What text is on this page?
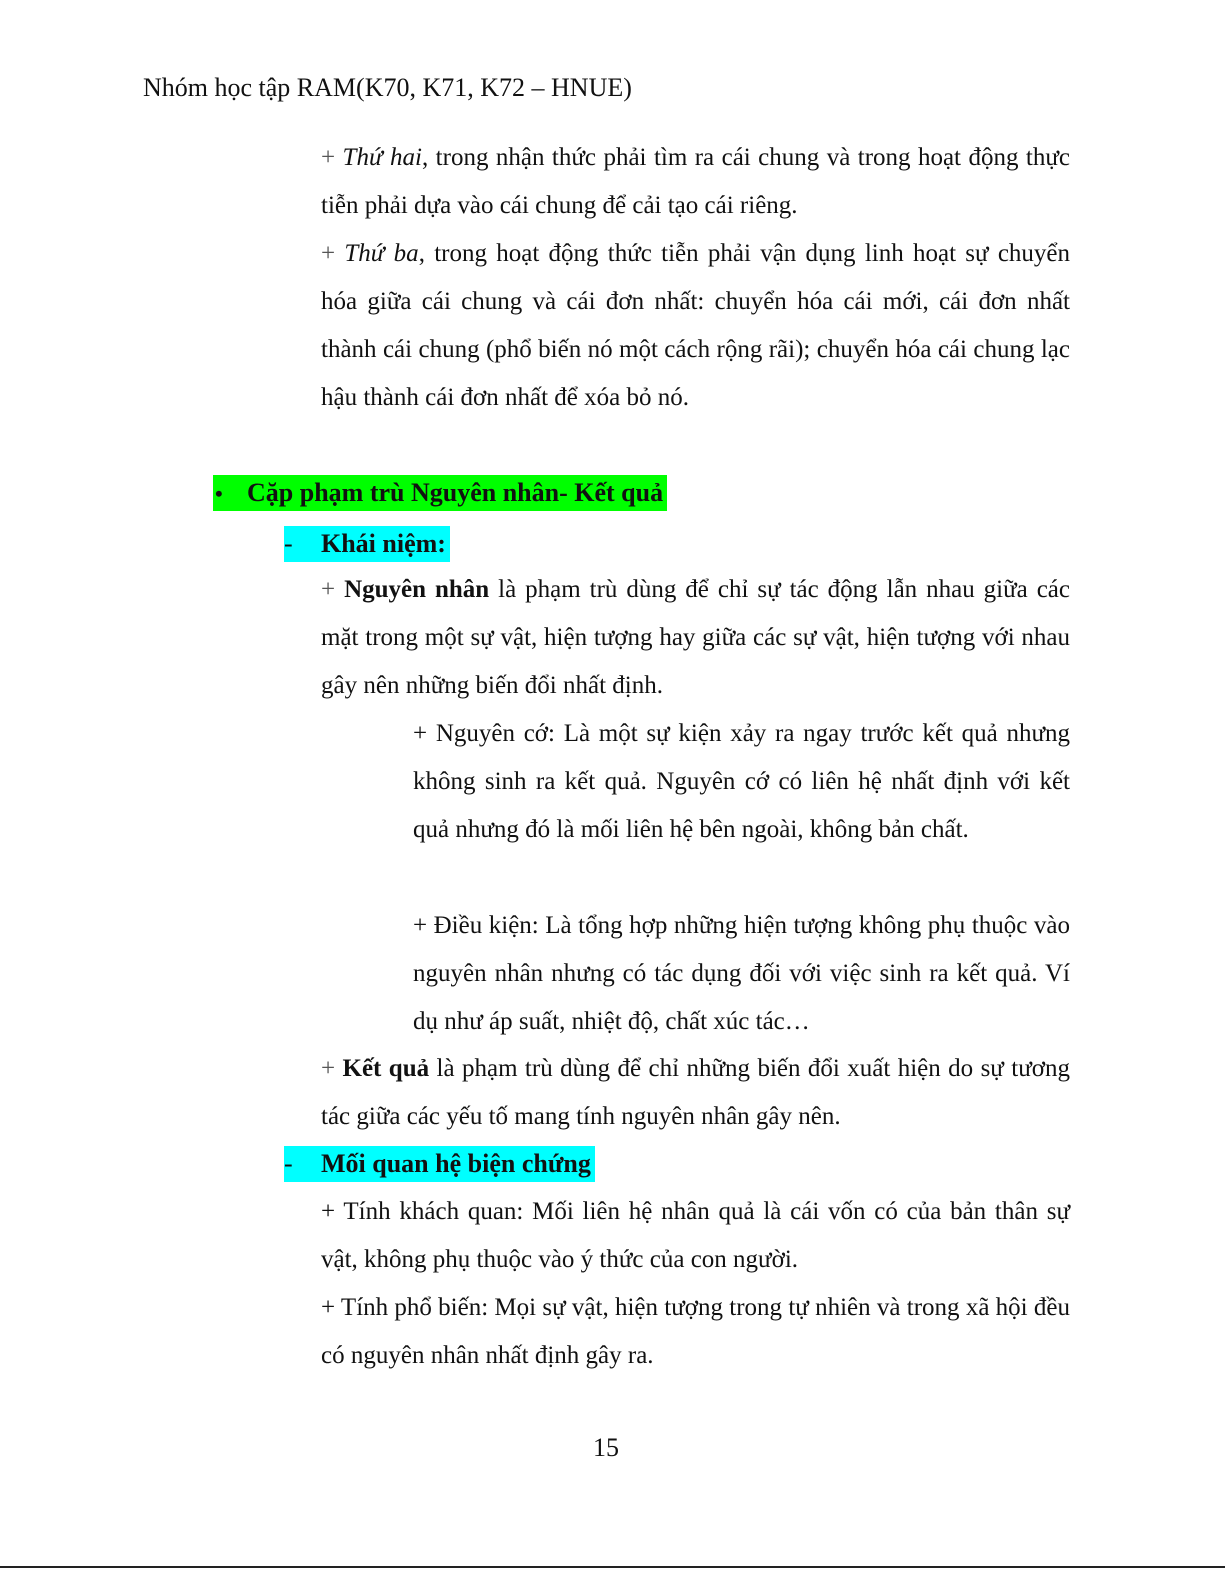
Nhóm học tập RAM(K70, K71, K72 – HNUE)

+ Thứ hai, trong nhận thức phải tìm ra cái chung và trong hoạt động thực tiễn phải dựa vào cái chung để cải tạo cái riêng.

+ Thứ ba, trong hoạt động thức tiễn phải vận dụng linh hoạt sự chuyển hóa giữa cái chung và cái đơn nhất: chuyển hóa cái mới, cái đơn nhất thành cái chung (phổ biến nó một cách rộng rãi); chuyển hóa cái chung lạc hậu thành cái đơn nhất để xóa bỏ nó.

• Cặp phạm trù Nguyên nhân- Kết quả
- Khái niệm:

+ Nguyên nhân là phạm trù dùng để chỉ sự tác động lẫn nhau giữa các mặt trong một sự vật, hiện tượng hay giữa các sự vật, hiện tượng với nhau gây nên những biến đổi nhất định.

+ Nguyên cớ: Là một sự kiện xảy ra ngay trước kết quả nhưng không sinh ra kết quả. Nguyên cớ có liên hệ nhất định với kết quả nhưng đó là mối liên hệ bên ngoài, không bản chất.

+ Điều kiện: Là tổng hợp những hiện tượng không phụ thuộc vào nguyên nhân nhưng có tác dụng đối với việc sinh ra kết quả. Ví dụ như áp suất, nhiệt độ, chất xúc tác…

+ Kết quả là phạm trù dùng để chỉ những biến đổi xuất hiện do sự tương tác giữa các yếu tố mang tính nguyên nhân gây nên.

- Mối quan hệ biện chứng

+ Tính khách quan: Mối liên hệ nhân quả là cái vốn có của bản thân sự vật, không phụ thuộc vào ý thức của con người.

+ Tính phổ biến: Mọi sự vật, hiện tượng trong tự nhiên và trong xã hội đều có nguyên nhân nhất định gây ra.

15
